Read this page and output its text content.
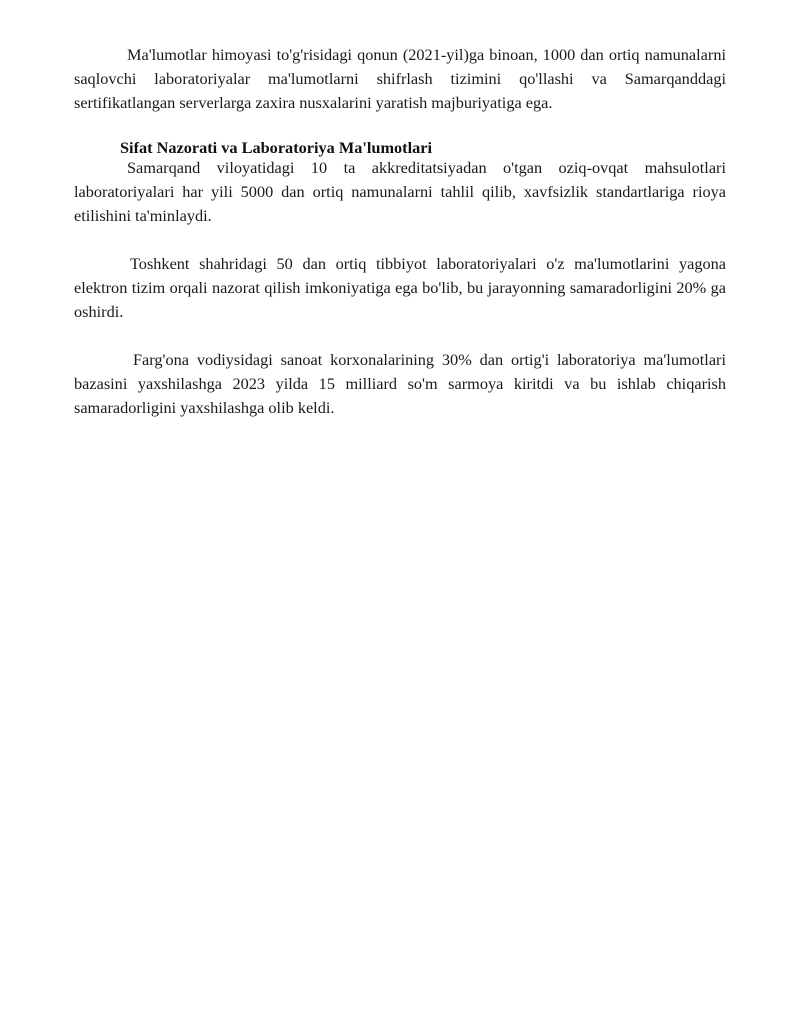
Ma'lumotlar himoyasi to'g'risidagi qonun (2021-yil)ga binoan, 1000 dan ortiq namunalarni saqlovchi laboratoriyalar ma'lumotlarni shifrlash tizimini qo'llashi va Samarqanddagi sertifikatlangan serverlarga zaxira nusxalarini yaratish majburiyatiga ega.

Sifat Nazorati va Laboratoriya Ma'lumotlari

Samarqand viloyatidagi 10 ta akkreditatsiyadan o'tgan oziq-ovqat mahsulotlari laboratoriyalari har yili 5000 dan ortiq namunalarni tahlil qilib, xavfsizlik standartlariga rioya etilishini ta'minlaydi.

Toshkent shahridagi 50 dan ortiq tibbiyot laboratoriyalari o'z ma'lumotlarini yagona elektron tizim orqali nazorat qilish imkoniyatiga ega bo'lib, bu jarayonning samaradorligini 20% ga oshirdi.

Farg'ona vodiysidagi sanoat korxonalarining 30% dan ortig'i laboratoriya ma'lumotlari bazasini yaxshilashga 2023 yilda 15 milliard so'm sarmoya kiritdi va bu ishlab chiqarish samaradorligini yaxshilashga olib keldi.
